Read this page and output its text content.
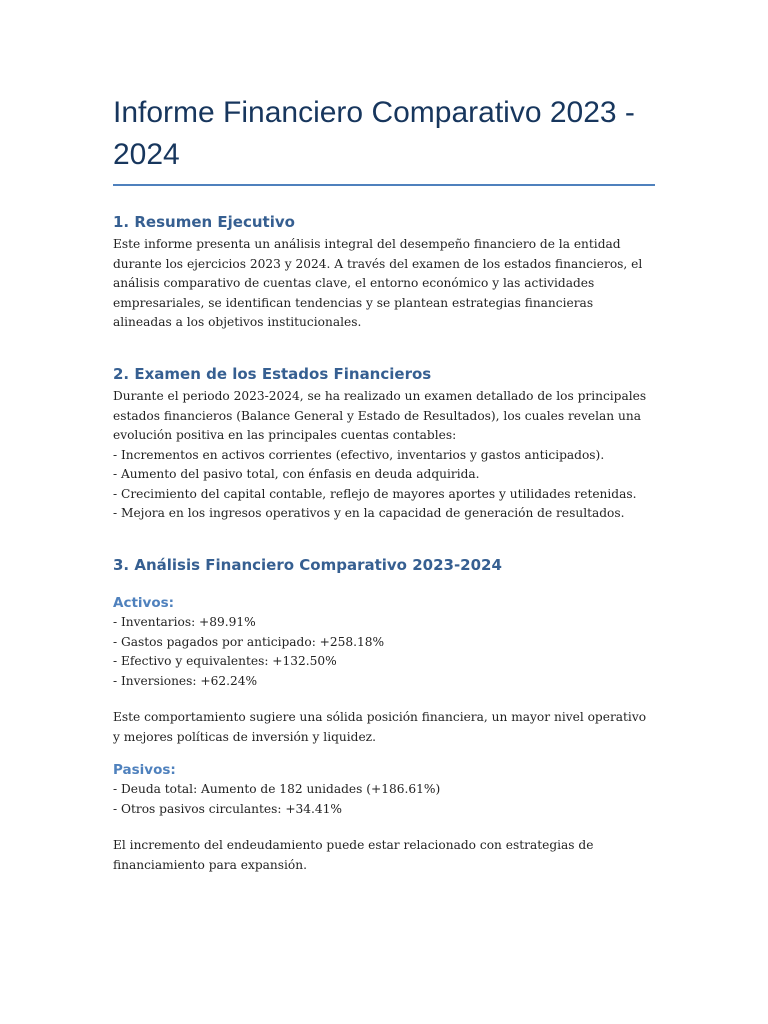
Informe Financiero Comparativo 2023 - 2024
1. Resumen Ejecutivo

Este informe presenta un análisis integral del desempeño financiero de la entidad durante los ejercicios 2023 y 2024. A través del examen de los estados financieros, el análisis comparativo de cuentas clave, el entorno económico y las actividades empresariales, se identifican tendencias y se plantean estrategias financieras alineadas a los objetivos institucionales.

2. Examen de los Estados Financieros

Durante el periodo 2023-2024, se ha realizado un examen detallado de los principales estados financieros (Balance General y Estado de Resultados), los cuales revelan una evolución positiva en las principales cuentas contables:

- Incrementos en activos corrientes (efectivo, inventarios y gastos anticipados).

- Aumento del pasivo total, con énfasis en deuda adquirida.

- Crecimiento del capital contable, reflejo de mayores aportes y utilidades retenidas.

- Mejora en los ingresos operativos y en la capacidad de generación de resultados.

3. Análisis Financiero Comparativo 2023-2024
Activos:

- Inventarios: +89.91%

- Gastos pagados por anticipado: +258.18%

- Efectivo y equivalentes: +132.50%

- Inversiones: +62.24%

Este comportamiento sugiere una sólida posición financiera, un mayor nivel operativo y mejores políticas de inversión y liquidez.

Pasivos:

- Deuda total: Aumento de 182 unidades (+186.61%)

- Otros pasivos circulantes: +34.41%

El incremento del endeudamiento puede estar relacionado con estrategias de financiamiento para expansión.
